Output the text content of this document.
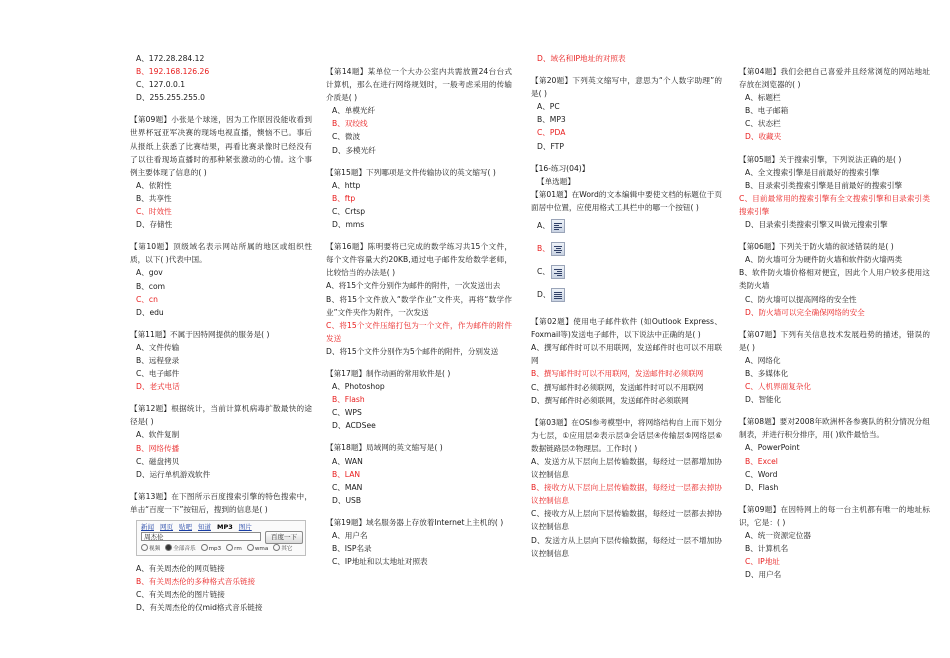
A、172.28.284.12
B、192.168.126.26
C、127.0.0.1
D、255.255.255.0
【第09题】小张是个球迷，因为工作原因没能收看到世界杯冠亚军决赛的现场电视直播，懊恼不已。事后从报纸上获悉了比赛结果，再看比赛录像时已经没有了以往看现场直播时的那种紧张激动的心情。这个事例主要体现了信息的( )
A、依附性
B、共享性
C、时效性
D、存储性
【第10题】顶级域名表示网站所属的地区或组织性质，以下( )代表中国。
A、gov
B、com
C、cn
D、edu
【第11题】不属于因特网提供的服务是( )
A、文件传输
B、远程登录
C、电子邮件
D、老式电话
【第12题】根据统计，当前计算机病毒扩散最快的途径是( )
A、软件复制
B、网络传播
C、磁盘拷贝
D、运行单机游戏软件
【第13题】在下图所示百度搜索引擎的特色搜索中，单击“百度一下”按钮后，搜到的信息是( )
新闻 网页 贴吧 知道 MP3 图片
周杰伦	百度一下
视频	全部音乐	mp3	rm	wma	其它
A、有关周杰伦的网页链接
B、有关周杰伦的多种格式音乐链接
C、有关周杰伦的图片链接
D、有关周杰伦的仅mid格式音乐链接
【第14题】某单位一个大办公室内共需放置24台台式计算机，那么在进行网络规划时，一般考虑采用的传输介质是( )
A、单模光纤
B、双绞线
C、微波
D、多模光纤
【第15题】下列哪项是文件传输协议的英文缩写( )
A、http
B、ftp
C、Crtsp
D、mms
【第16题】陈明要将已完成的数学练习共15个文件，每个文件容量大约20KB,通过电子邮件发给数学老师，比较恰当的办法是( )
A、将15个文件分别作为邮件的附件，一次发送出去
B、将15个文件放入“数学作业”文件夹，再将“数学作业”文件夹作为附件，一次发送
C、将15个文件压缩打包为一个文件，作为邮件的附件发送
D、将15个文件分别作为5个邮件的附件，分别发送
【第17题】制作动画的常用软件是( )
A、Photoshop
B、Flash
C、WPS
D、ACDSee
【第18题】局域网的英文缩写是( )
A、WAN
B、LAN
C、MAN
D、USB
【第19题】域名服务器上存放着Internet上主机的( )
A、用户名
B、ISP名录
C、IP地址和以太地址对照表
D、域名和IP地址的对照表
【第20题】下列英文缩写中，意思为“个人数字助理”的是( )
A、PC
B、MP3
C、PDA
D、FTP
【16-练习(04)】
【单选题】
【第01题】在Word的文本编辑中要使文档的标题位于页面居中位置，应使用格式工具栏中的哪一个按钮( )
A、
B、
C、
D、
【第02题】使用电子邮件软件 (如Outlook Express、Foxmail等)发送电子邮件，以下说法中正确的是( )
A、撰写邮件时可以不用联网，发送邮件时也可以不用联网
B、撰写邮件时可以不用联网，发送邮件时必须联网
C、撰写邮件时必须联网，发送邮件时可以不用联网
D、撰写邮件时必须联网，发送邮件时必须联网
【第03题】在OSI参考模型中，将网络结构自上而下划分为七层，①应用层②表示层③会话层④传输层⑤网络层⑥数据链路层⑦物理层。工作时( )
A、发送方从下层向上层传输数据，每经过一层都增加协议控制信息
B、接收方从下层向上层传输数据，每经过一层都去掉协议控制信息
C、接收方从上层向下层传输数据，每经过一层都去掉协议控制信息
D、发送方从上层向下层传输数据，每经过一层不增加协议控制信息
【第04题】我们会把自己喜爱并且经常浏览的网站地址存放在浏览器的( )
A、标题栏
B、电子邮箱
C、状态栏
D、收藏夹
【第05题】关于搜索引擎，下列说法正确的是( )
A、全文搜索引擎是目前最好的搜索引擎
B、目录索引类搜索引擎是目前最好的搜索引擎
C、目前最常用的搜索引擎有全文搜索引擎和目录索引类搜索引擎
D、目录索引类搜索引擎又叫做元搜索引擎
【第06题】下列关于防火墙的叙述错误的是( )
A、防火墙可分为硬件防火墙和软件防火墙两类
B、软件防火墙价格相对便宜，因此个人用户较多使用这类防火墙
C、防火墙可以提高网络的安全性
D、防火墙可以完全确保网络的安全
【第07题】下列有关信息技术发展趋势的描述，错误的是( )
A、网络化
B、多媒体化
C、人机界面复杂化
D、智能化
【第08题】要对2008年欧洲杯各参赛队的积分情况分组制表，并进行积分排序，用( )软件最恰当。
A、PowerPoint
B、Excel
C、Word
D、Flash
【第09题】在因特网上的每一台主机都有唯一的地址标识，它是：( )
A、统一资源定位器
B、计算机名
C、IP地址
D、用户名
